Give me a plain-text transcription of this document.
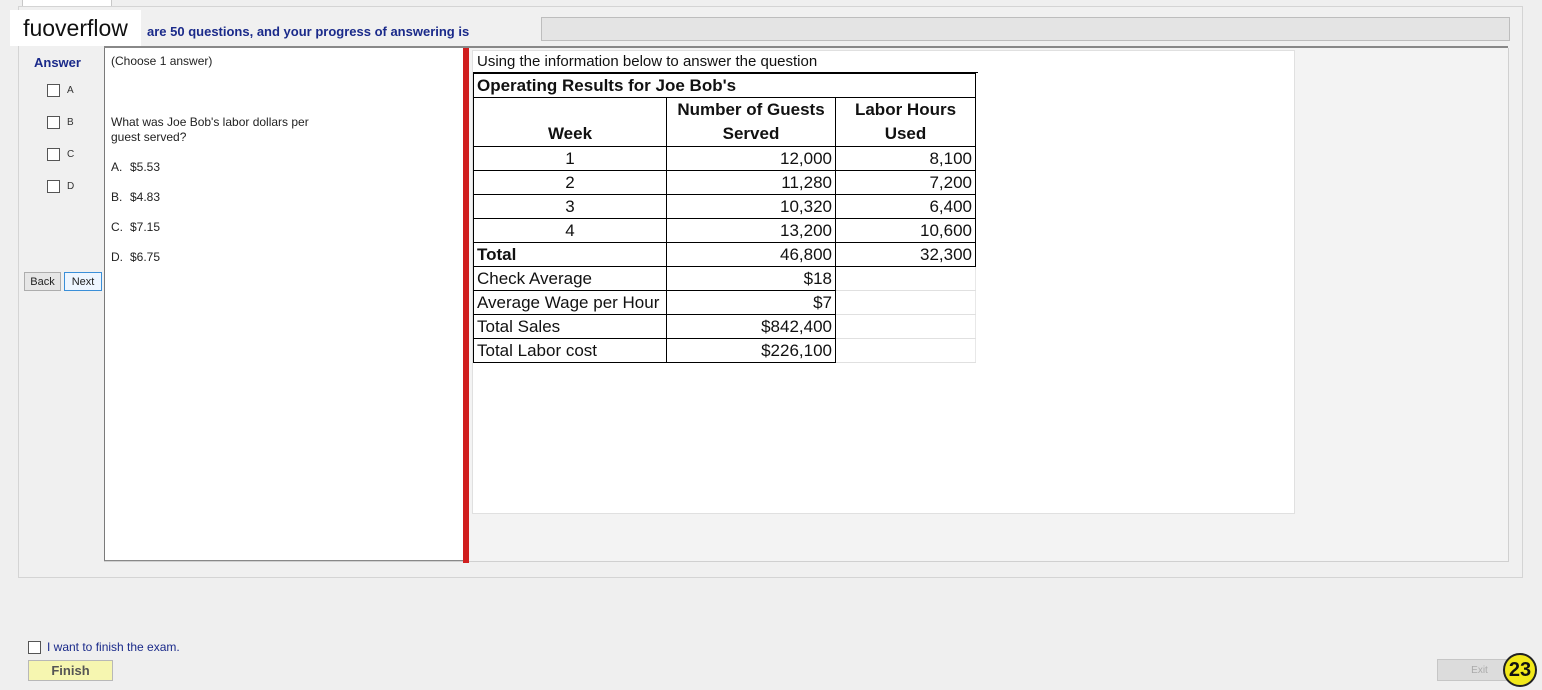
fuoverflow	are 50 questions, and your progress of answering is
Answer
A
B
C
D
Back	Next
(Choose 1 answer)
What was Joe Bob's labor dollars per guest served?
A. $5.53
B. $4.83
C. $7.15
D. $6.75
Using the information below to answer the question
Operating Results for Joe Bob's		
Week	Number of Guests Served	Labor Hours Used
1	12,000	8,100
2	11,280	7,200
3	10,320	6,400
4	13,200	10,600
Total	46,800	32,300
Check Average	$18	
Average Wage per Hour	$7	
Total Sales	$842,400	
Total Labor cost	$226,100	
I want to finish the exam.
Finish	Exit	23
